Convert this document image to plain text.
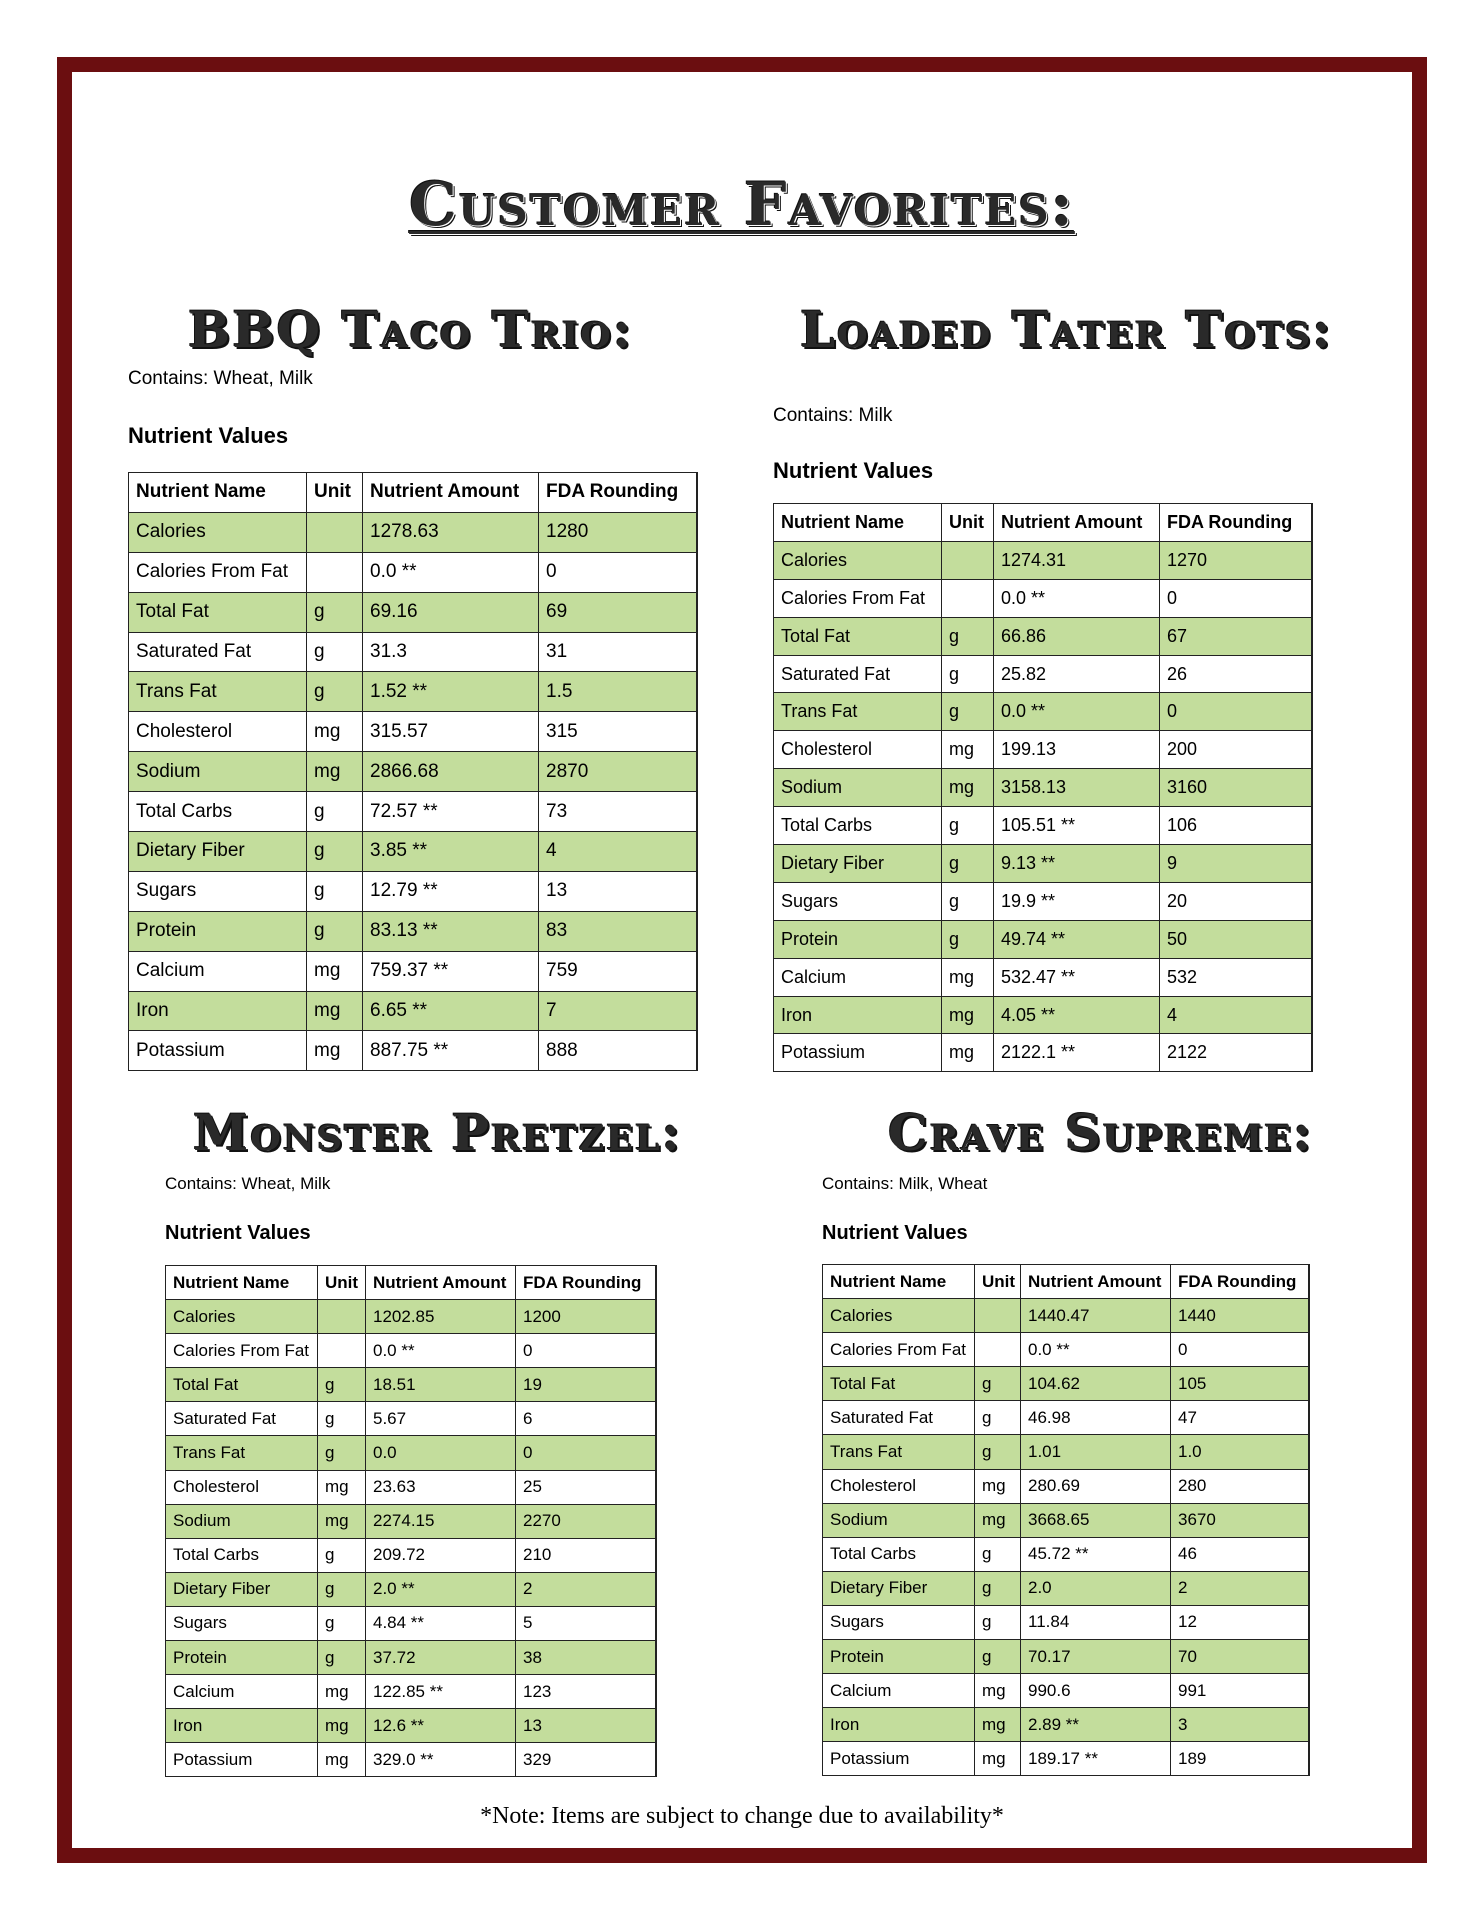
Customer Favorites:
BBQ Taco Trio:
Contains: Wheat, Milk
Nutrient Values
Nutrient Name	Unit	Nutrient Amount	FDA Rounding
Calories		1278.63	1280
Calories From Fat		0.0 **	0
Total Fat	g	69.16	69
Saturated Fat	g	31.3	31
Trans Fat	g	1.52 **	1.5
Cholesterol	mg	315.57	315
Sodium	mg	2866.68	2870
Total Carbs	g	72.57 **	73
Dietary Fiber	g	3.85 **	4
Sugars	g	12.79 **	13
Protein	g	83.13 **	83
Calcium	mg	759.37 **	759
Iron	mg	6.65 **	7
Potassium	mg	887.75 **	888
Loaded Tater Tots:
Contains: Milk
Nutrient Values
Nutrient Name	Unit	Nutrient Amount	FDA Rounding
Calories		1274.31	1270
Calories From Fat		0.0 **	0
Total Fat	g	66.86	67
Saturated Fat	g	25.82	26
Trans Fat	g	0.0 **	0
Cholesterol	mg	199.13	200
Sodium	mg	3158.13	3160
Total Carbs	g	105.51 **	106
Dietary Fiber	g	9.13 **	9
Sugars	g	19.9 **	20
Protein	g	49.74 **	50
Calcium	mg	532.47 **	532
Iron	mg	4.05 **	4
Potassium	mg	2122.1 **	2122
Monster Pretzel:
Contains: Wheat, Milk
Nutrient Values
Nutrient Name	Unit	Nutrient Amount	FDA Rounding
Calories		1202.85	1200
Calories From Fat		0.0 **	0
Total Fat	g	18.51	19
Saturated Fat	g	5.67	6
Trans Fat	g	0.0	0
Cholesterol	mg	23.63	25
Sodium	mg	2274.15	2270
Total Carbs	g	209.72	210
Dietary Fiber	g	2.0 **	2
Sugars	g	4.84 **	5
Protein	g	37.72	38
Calcium	mg	122.85 **	123
Iron	mg	12.6 **	13
Potassium	mg	329.0 **	329
Crave Supreme:
Contains: Milk, Wheat
Nutrient Values
Nutrient Name	Unit	Nutrient Amount	FDA Rounding
Calories		1440.47	1440
Calories From Fat		0.0 **	0
Total Fat	g	104.62	105
Saturated Fat	g	46.98	47
Trans Fat	g	1.01	1.0
Cholesterol	mg	280.69	280
Sodium	mg	3668.65	3670
Total Carbs	g	45.72 **	46
Dietary Fiber	g	2.0	2
Sugars	g	11.84	12
Protein	g	70.17	70
Calcium	mg	990.6	991
Iron	mg	2.89 **	3
Potassium	mg	189.17 **	189
*Note: Items are subject to change due to availability*
